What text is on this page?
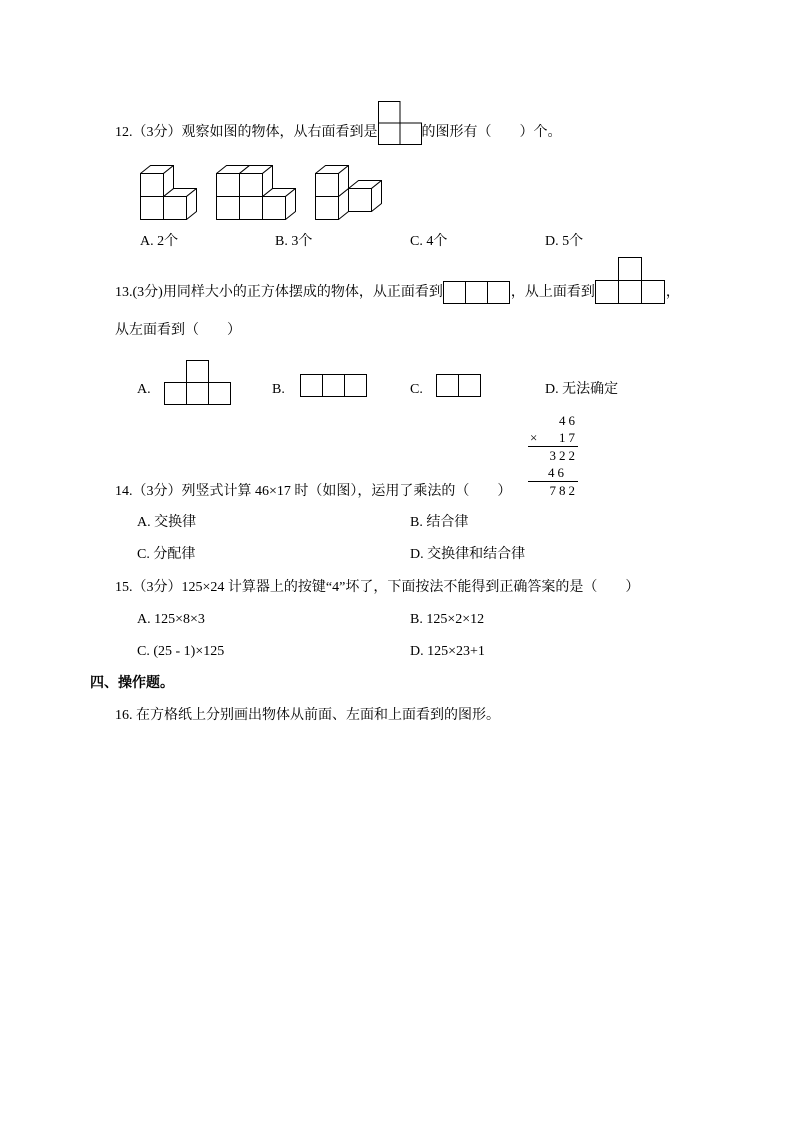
12.（3分）观察如图的物体，从右面看到是	的图形有（　　）个。
A. 2个	B. 3个	C. 4个	D. 5个
13.(3分)用同样大小的正方体摆成的物体，从正面看到	，从上面看到	，
从左面看到（　　）
A.	B.	C.	D. 无法确定
46
× 17
322
46
782
14.（3分）列竖式计算 46×17 时（如图），运用了乘法的（　　）
A. 交换律	B. 结合律
C. 分配律	D. 交换律和结合律
15.（3分）125×24 计算器上的按键“4”坏了，下面按法不能得到正确答案的是（　　）
A. 125×8×3	B. 125×2×12
C. (25 - 1)×125	D. 125×23+1
四、操作题。
16. 在方格纸上分别画出物体从前面、左面和上面看到的图形。
